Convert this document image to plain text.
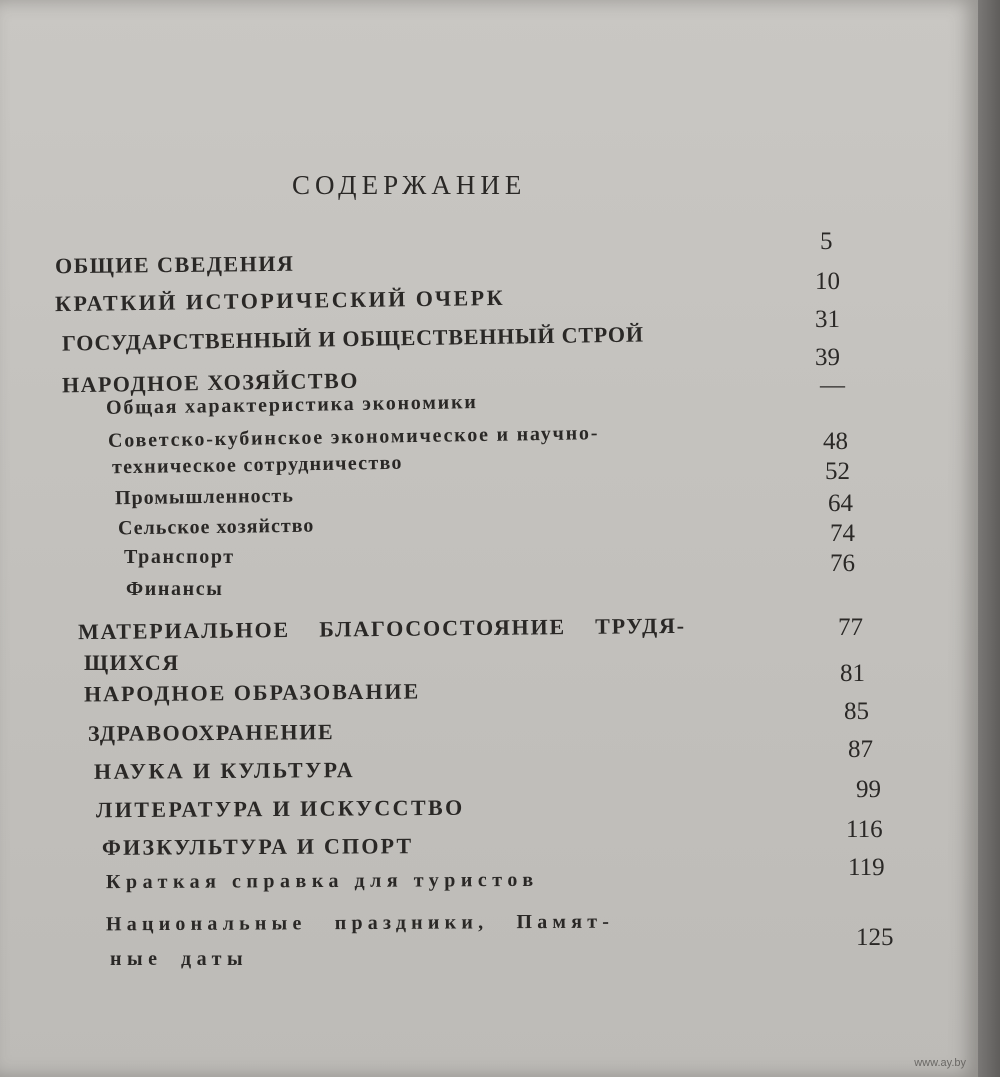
СОДЕРЖАНИЕ
ОБЩИЕ СВЕДЕНИЯ
5
КРАТКИЙ ИСТОРИЧЕСКИЙ ОЧЕРК
10
ГОСУДАРСТВЕННЫЙ И ОБЩЕСТВЕННЫЙ СТРОЙ
31
НАРОДНОЕ ХОЗЯЙСТВО
39
Общая характеристика экономики
—
Советско-кубинское экономическое и научно-
техническое сотрудничество
48
Промышленность
52
Сельское хозяйство
64
Транспорт
74
Финансы
76
МАТЕРИАЛЬНОЕ БЛАГОСОСТОЯНИЕ ТРУДЯ-
ЩИХСЯ
77
НАРОДНОЕ ОБРАЗОВАНИЕ
81
ЗДРАВООХРАНЕНИЕ
85
НАУКА И КУЛЬТУРА
87
ЛИТЕРАТУРА И ИСКУССТВО
99
ФИЗКУЛЬТУРА И СПОРТ
116
Краткая справка для туристов	119
Национальные праздники, Памят-
ные даты
125
www.ay.by
